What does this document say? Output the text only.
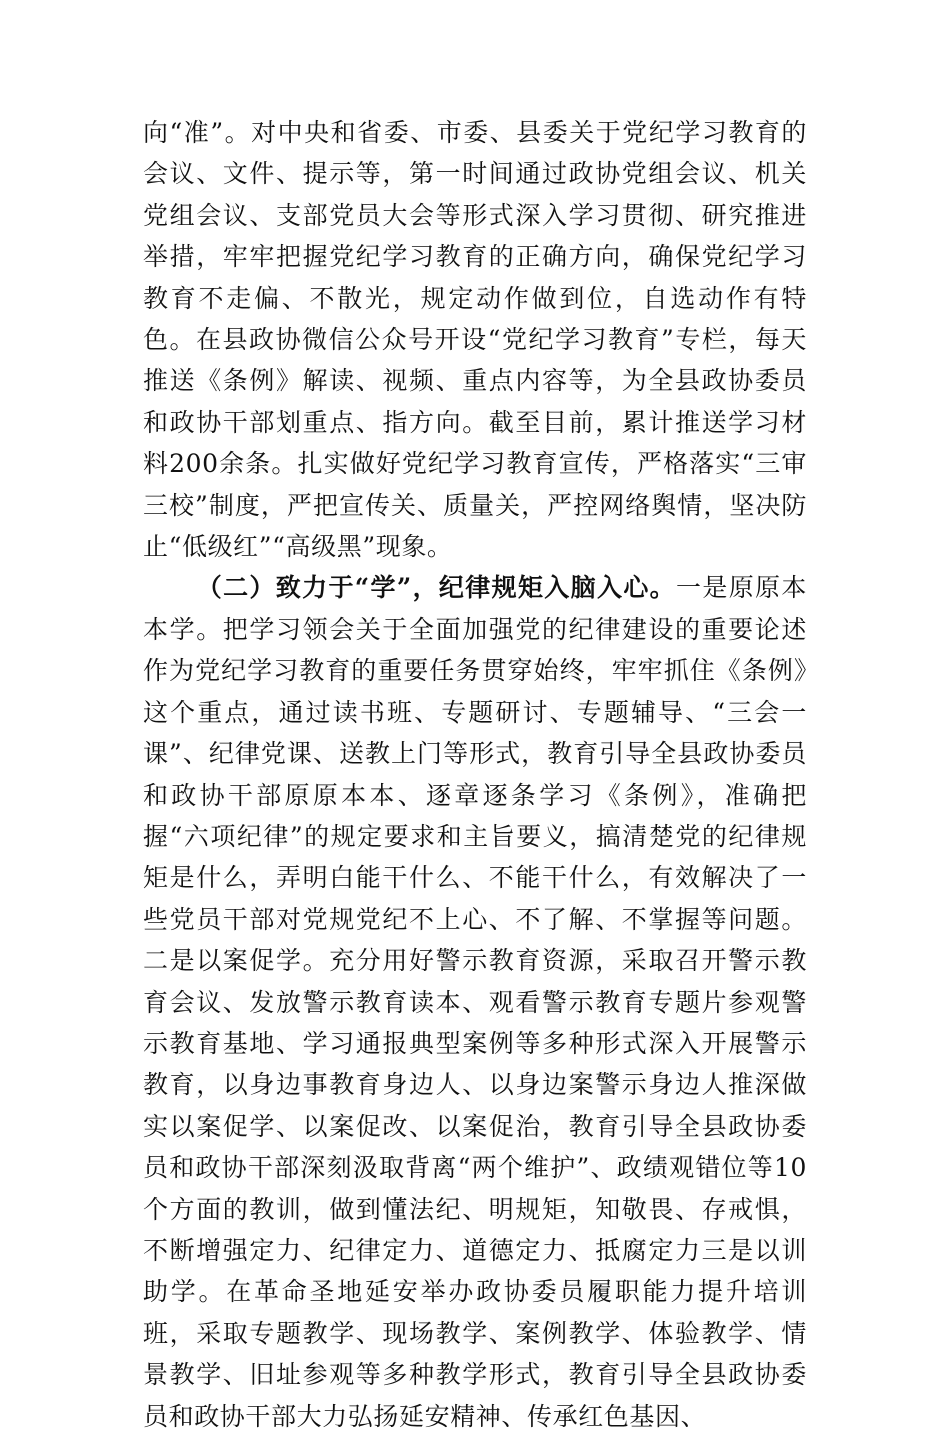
向“准”。对中央和省委、市委、县委关于党纪学习教育的会议、文件、提示等，第一时间通过政协党组会议、机关党组会议、支部党员大会等形式深入学习贯彻、研究推进举措，牢牢把握党纪学习教育的正确方向，确保党纪学习教育不走偏、不散光，规定动作做到位，自选动作有特色。在县政协微信公众号开设“党纪学习教育”专栏，每天推送《条例》解读、视频、重点内容等，为全县政协委员和政协干部划重点、指方向。截至目前，累计推送学习材料200余条。扎实做好党纪学习教育宣传，严格落实“三审三校”制度，严把宣传关、质量关，严控网络舆情，坚决防止“低级红”“高级黑”现象。

（二）致力于“学”，纪律规矩入脑入心。一是原原本本学。把学习领会关于全面加强党的纪律建设的重要论述作为党纪学习教育的重要任务贯穿始终，牢牢抓住《条例》这个重点，通过读书班、专题研讨、专题辅导、“三会一课”、纪律党课、送教上门等形式，教育引导全县政协委员和政协干部原原本本、逐章逐条学习《条例》，准确把握“六项纪律”的规定要求和主旨要义，搞清楚党的纪律规矩是什么，弄明白能干什么、不能干什么，有效解决了一些党员干部对党规党纪不上心、不了解、不掌握等问题。二是以案促学。充分用好警示教育资源，采取召开警示教育会议、发放警示教育读本、观看警示教育专题片参观警示教育基地、学习通报典型案例等多种形式深入开展警示教育，以身边事教育身边人、以身边案警示身边人推深做实以案促学、以案促改、以案促治，教育引导全县政协委员和政协干部深刻汲取背离“两个维护”、政绩观错位等10个方面的教训，做到懂法纪、明规矩，知敬畏、存戒惧，不断增强定力、纪律定力、道德定力、抵腐定力三是以训助学。在革命圣地延安举办政协委员履职能力提升培训班，采取专题教学、现场教学、案例教学、体验教学、情景教学、旧址参观等多种教学形式，教育引导全县政协委员和政协干部大力弘扬延安精神、传承红色基因、
